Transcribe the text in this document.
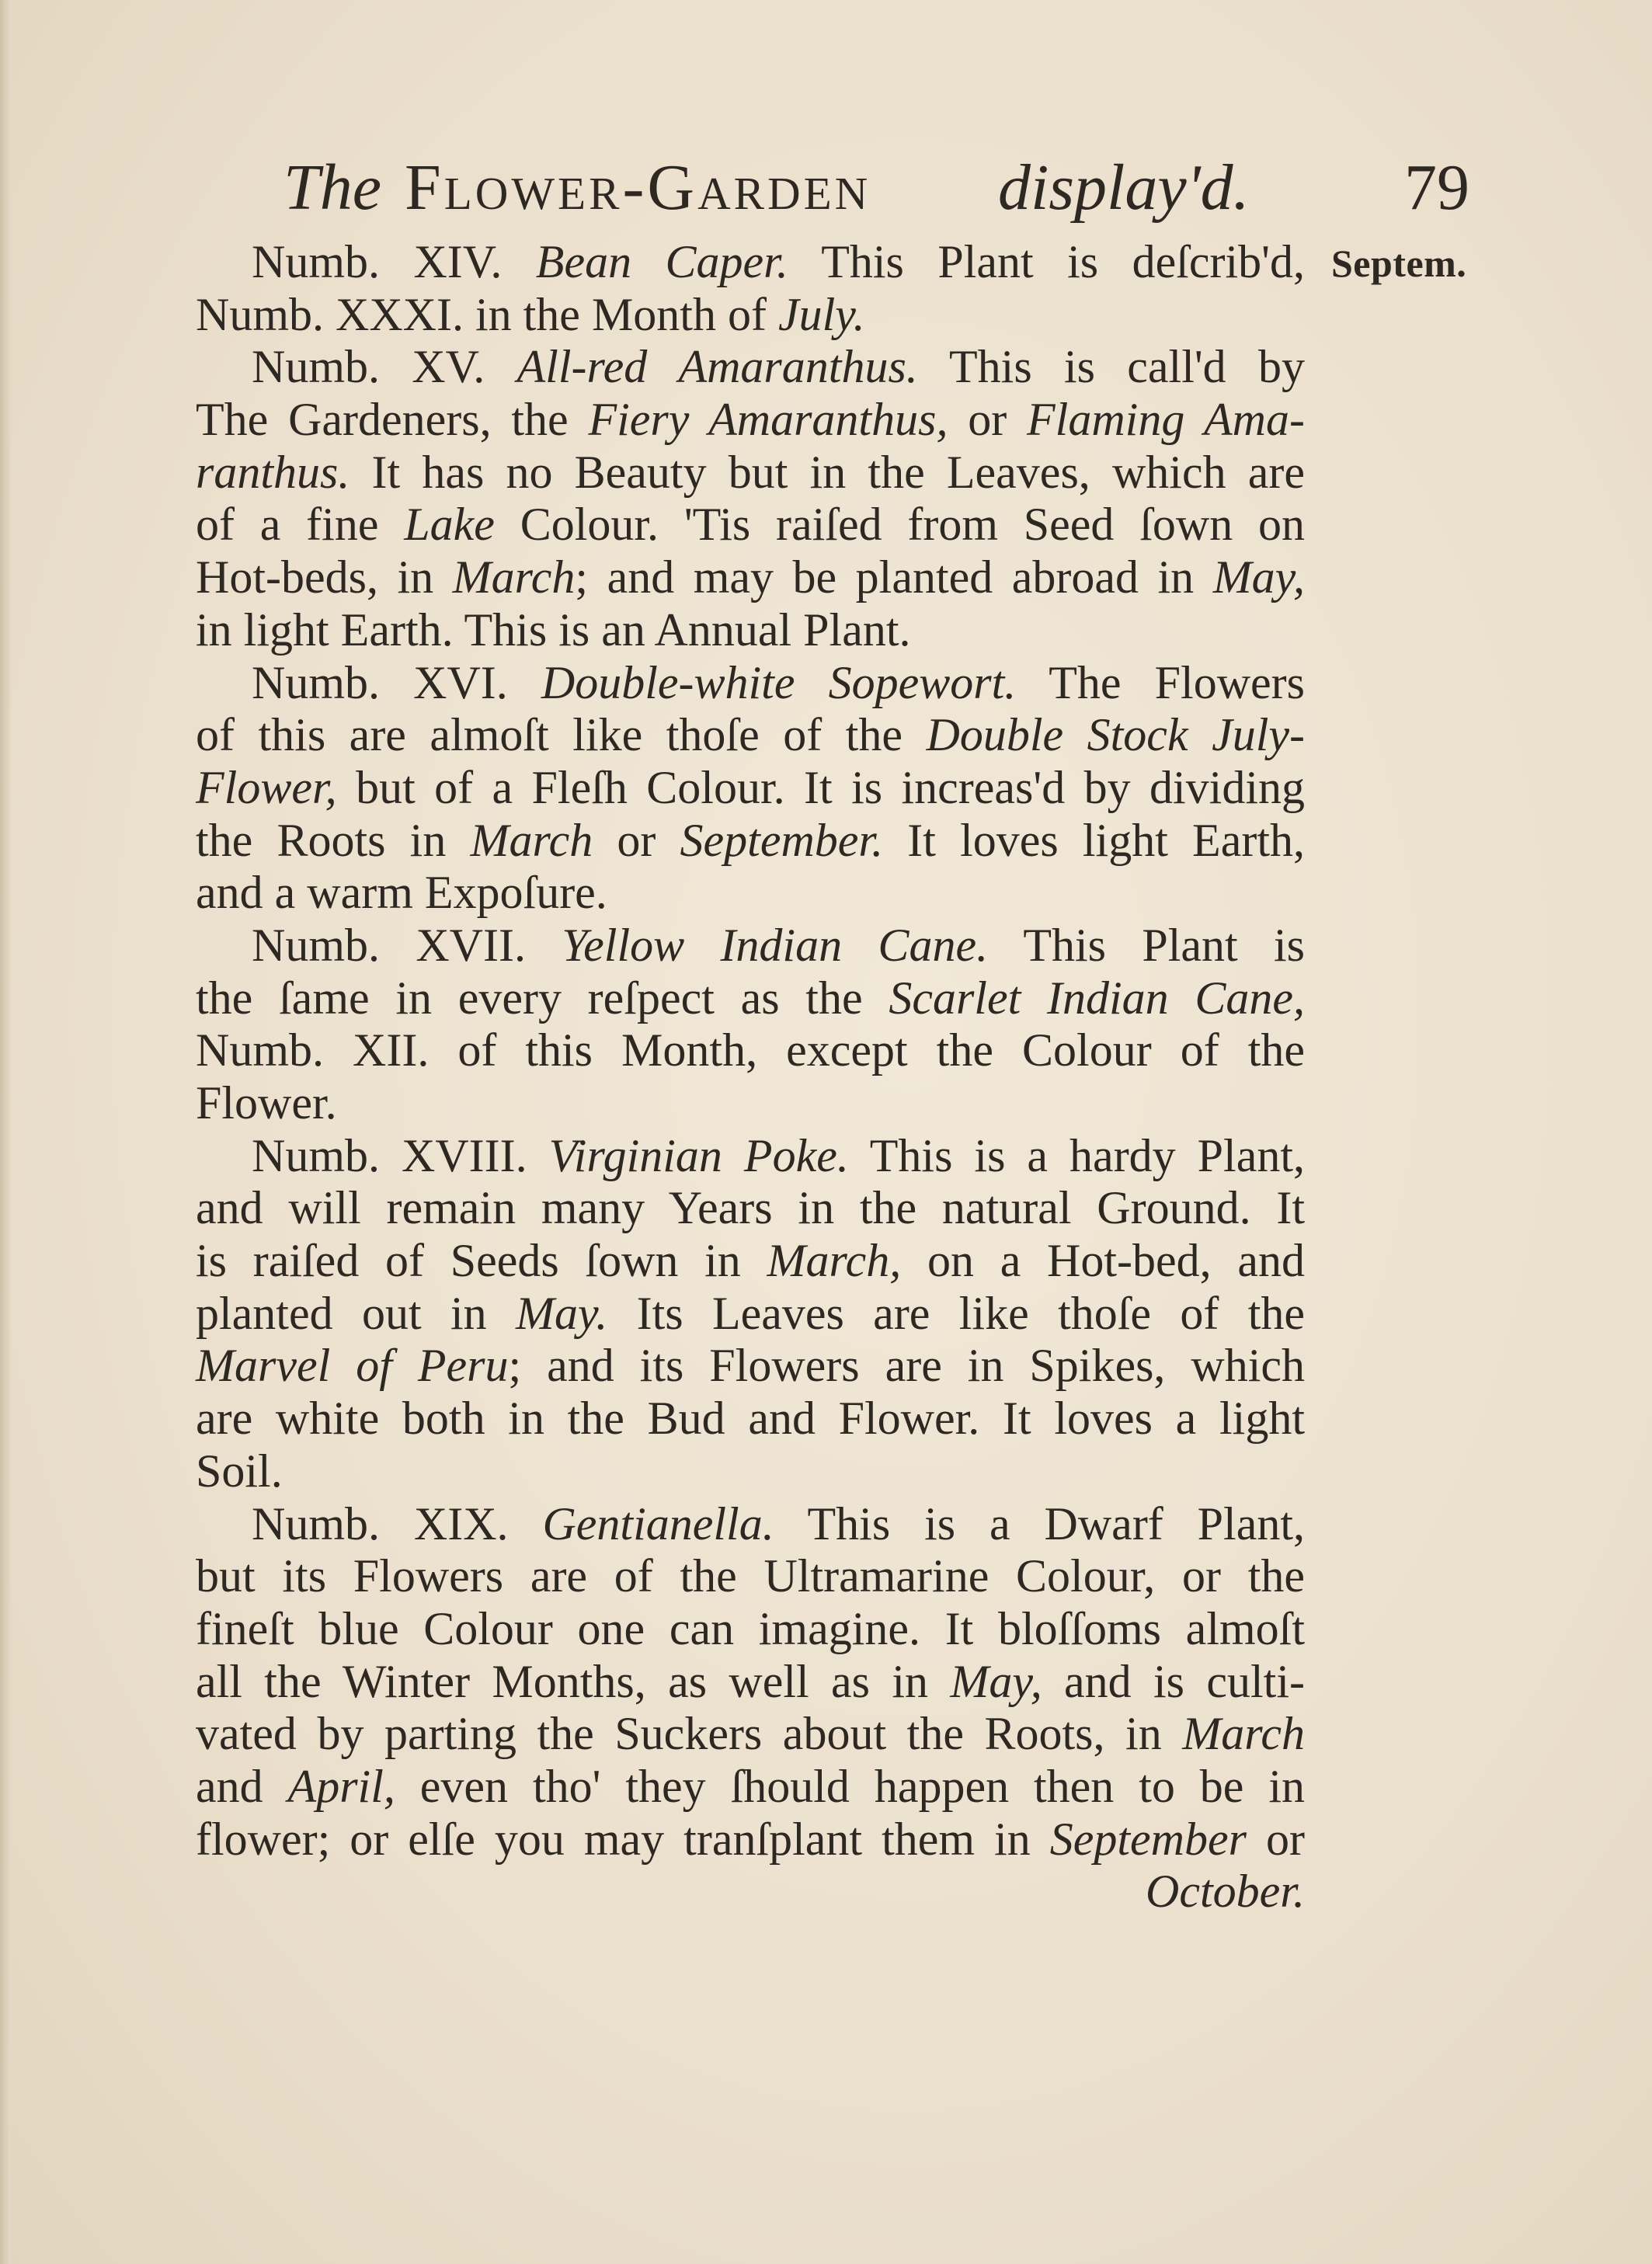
The Flower-Garden display'd. 79
Septem.
Numb. XIV. Bean Caper. This Plant is deſcrib'd,
Numb. XXXI. in the Month of July.
Numb. XV. All-red Amaranthus. This is call'd by
The Gardeners, the Fiery Amaranthus, or Flaming Ama-
ranthus. It has no Beauty but in the Leaves, which are
of a fine Lake Colour. 'Tis raiſed from Seed ſown on
Hot-beds, in March; and may be planted abroad in May,
in light Earth. This is an Annual Plant.
Numb. XVI. Double-white Sopewort. The Flowers
of this are almoſt like thoſe of the Double Stock July-
Flower, but of a Fleſh Colour. It is increas'd by dividing
the Roots in March or September. It loves light Earth,
and a warm Expoſure.
Numb. XVII. Yellow Indian Cane. This Plant is
the ſame in every reſpect as the Scarlet Indian Cane,
Numb. XII. of this Month, except the Colour of the
Flower.
Numb. XVIII. Virginian Poke. This is a hardy Plant,
and will remain many Years in the natural Ground. It
is raiſed of Seeds ſown in March, on a Hot-bed, and
planted out in May. Its Leaves are like thoſe of the
Marvel of Peru; and its Flowers are in Spikes, which
are white both in the Bud and Flower. It loves a light
Soil.
Numb. XIX. Gentianella. This is a Dwarf Plant,
but its Flowers are of the Ultramarine Colour, or the
fineſt blue Colour one can imagine. It bloſſoms almoſt
all the Winter Months, as well as in May, and is culti-
vated by parting the Suckers about the Roots, in March
and April, even tho' they ſhould happen then to be in
flower; or elſe you may tranſplant them in September or
October.
